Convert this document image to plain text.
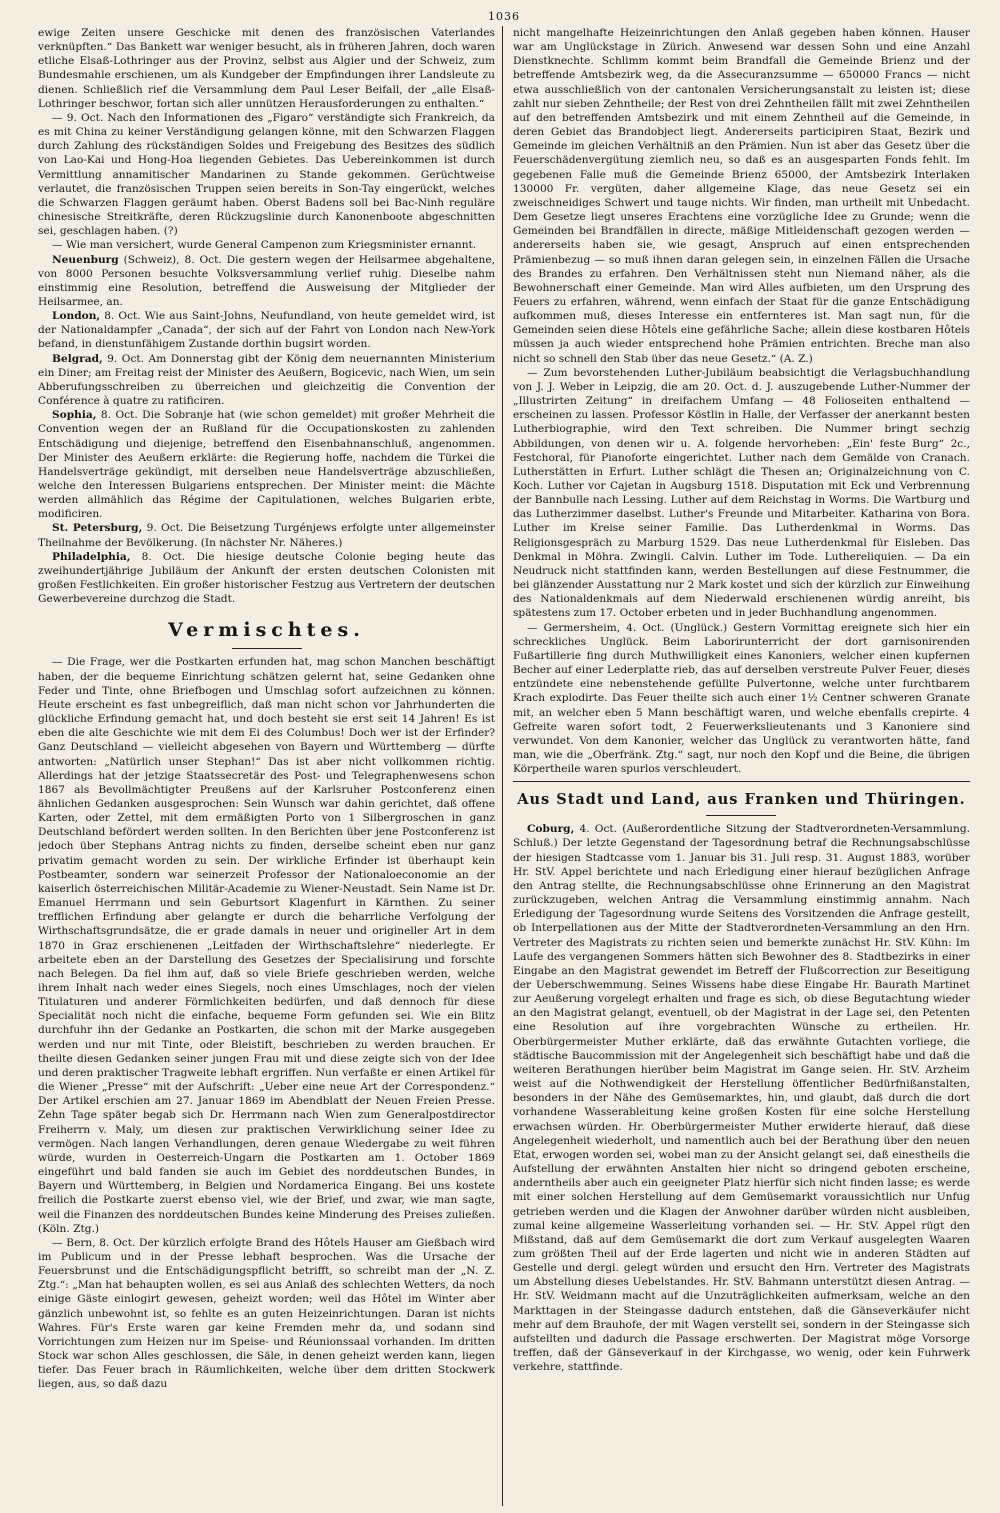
1036

ewige Zeiten unsere Geschicke mit denen des französischen Vaterlandes verknüpften.“ Das Bankett war weniger besucht, als in früheren Jahren, doch waren etliche Elsaß-Lothringer aus der Provinz, selbst aus Algier und der Schweiz, zum Bundesmahle erschienen, um als Kundgeber der Empfindungen ihrer Landsleute zu dienen. Schließlich rief die Versammlung dem Paul Leser Beifall, der „alle Elsaß-Lothringer beschwor, fortan sich aller unnützen Herausforderungen zu enthalten.“

— 9. Oct. Nach den Informationen des „Figaro“ verständigte sich Frankreich, da es mit China zu keiner Verständigung gelangen könne, mit den Schwarzen Flaggen durch Zahlung des rückständigen Soldes und Freigebung des Besitzes des südlich von Lao-Kai und Hong-Hoa liegenden Gebietes. Das Uebereinkommen ist durch Vermittlung annamitischer Mandarinen zu Stande gekommen. Gerüchtweise verlautet, die französischen Truppen seien bereits in Son-Tay eingerückt, welches die Schwarzen Flaggen geräumt haben. Oberst Badens soll bei Bac-Ninh reguläre chinesische Streitkräfte, deren Rückzugslinie durch Kanonenboote abgeschnitten sei, geschlagen haben. (?)

— Wie man versichert, wurde General Campenon zum Kriegsminister ernannt.

Neuenburg (Schweiz), 8. Oct. Die gestern wegen der Heilsarmee abgehaltene, von 8000 Personen besuchte Volksversammlung verlief ruhig. Dieselbe nahm einstimmig eine Resolution, betreffend die Ausweisung der Mitglieder der Heilsarmee, an.

London, 8. Oct. Wie aus Saint-Johns, Neufundland, von heute gemeldet wird, ist der Nationaldampfer „Canada“, der sich auf der Fahrt von London nach New-York befand, in dienstunfähigem Zustande dorthin bugsirt worden.

Belgrad, 9. Oct. Am Donnerstag gibt der König dem neuernannten Ministerium ein Diner; am Freitag reist der Minister des Aeußern, Bogicevic, nach Wien, um sein Abberufungsschreiben zu überreichen und gleichzeitig die Convention der Conférence à quatre zu ratificiren.

Sophia, 8. Oct. Die Sobranje hat (wie schon gemeldet) mit großer Mehrheit die Convention wegen der an Rußland für die Occupationskosten zu zahlenden Entschädigung und diejenige, betreffend den Eisenbahnanschluß, angenommen. Der Minister des Aeußern erklärte: die Regierung hoffe, nachdem die Türkei die Handelsverträge gekündigt, mit derselben neue Handelsverträge abzuschließen, welche den Interessen Bulgariens entsprechen. Der Minister meint: die Mächte werden allmählich das Régime der Capitulationen, welches Bulgarien erbte, modificiren.

St. Petersburg, 9. Oct. Die Beisetzung Turgénjews erfolgte unter allgemeinster Theilnahme der Bevölkerung. (In nächster Nr. Näheres.)

Philadelphia, 8. Oct. Die hiesige deutsche Colonie beging heute das zweihundertjährige Jubiläum der Ankunft der ersten deutschen Colonisten mit großen Festlichkeiten. Ein großer historischer Festzug aus Vertretern der deutschen Gewerbevereine durchzog die Stadt.

Vermischtes.

— Die Frage, wer die Postkarten erfunden hat, mag schon Manchen beschäftigt haben, der die bequeme Einrichtung schätzen gelernt hat, seine Gedanken ohne Feder und Tinte, ohne Briefbogen und Umschlag sofort aufzeichnen zu können. Heute erscheint es fast unbegreiflich, daß man nicht schon vor Jahrhunderten die glückliche Erfindung gemacht hat, und doch besteht sie erst seit 14 Jahren! Es ist eben die alte Geschichte wie mit dem Ei des Columbus! Doch wer ist der Erfinder? Ganz Deutschland — vielleicht abgesehen von Bayern und Württemberg — dürfte antworten: „Natürlich unser Stephan!“ Das ist aber nicht vollkommen richtig. Allerdings hat der jetzige Staatssecretär des Post- und Telegraphenwesens schon 1867 als Bevollmächtigter Preußens auf der Karlsruher Postconferenz einen ähnlichen Gedanken ausgesprochen: Sein Wunsch war dahin gerichtet, daß offene Karten, oder Zettel, mit dem ermäßigten Porto von 1 Silbergroschen in ganz Deutschland befördert werden sollten. In den Berichten über jene Postconferenz ist jedoch über Stephans Antrag nichts zu finden, derselbe scheint eben nur ganz privatim gemacht worden zu sein. Der wirkliche Erfinder ist überhaupt kein Postbeamter, sondern war seinerzeit Professor der Nationaloeconomie an der kaiserlich österreichischen Militär-Academie zu Wiener-Neustadt. Sein Name ist Dr. Emanuel Herrmann und sein Geburtsort Klagenfurt in Kärnthen. Zu seiner trefflichen Erfindung aber gelangte er durch die beharrliche Verfolgung der Wirthschaftsgrundsätze, die er grade damals in neuer und origineller Art in dem 1870 in Graz erschienenen „Leitfaden der Wirthschaftslehre“ niederlegte. Er arbeitete eben an der Darstellung des Gesetzes der Specialisirung und forschte nach Belegen. Da fiel ihm auf, daß so viele Briefe geschrieben werden, welche ihrem Inhalt nach weder eines Siegels, noch eines Umschlages, noch der vielen Titulaturen und anderer Förmlichkeiten bedürfen, und daß dennoch für diese Specialität noch nicht die einfache, bequeme Form gefunden sei. Wie ein Blitz durchfuhr ihn der Gedanke an Postkarten, die schon mit der Marke ausgegeben werden und nur mit Tinte, oder Bleistift, beschrieben zu werden brauchen. Er theilte diesen Gedanken seiner jungen Frau mit und diese zeigte sich von der Idee und deren praktischer Tragweite lebhaft ergriffen. Nun verfaßte er einen Artikel für die Wiener „Presse“ mit der Aufschrift: „Ueber eine neue Art der Correspondenz.“ Der Artikel erschien am 27. Januar 1869 im Abendblatt der Neuen Freien Presse. Zehn Tage später begab sich Dr. Herrmann nach Wien zum Generalpostdirector Freiherrn v. Maly, um diesen zur praktischen Verwirklichung seiner Idee zu vermögen. Nach langen Verhandlungen, deren genaue Wiedergabe zu weit führen würde, wurden in Oesterreich-Ungarn die Postkarten am 1. October 1869 eingeführt und bald fanden sie auch im Gebiet des norddeutschen Bundes, in Bayern und Württemberg, in Belgien und Nordamerica Eingang. Bei uns kostete freilich die Postkarte zuerst ebenso viel, wie der Brief, und zwar, wie man sagte, weil die Finanzen des norddeutschen Bundes keine Minderung des Preises zuließen. (Köln. Ztg.)

— Bern, 8. Oct. Der kürzlich erfolgte Brand des Hôtels Hauser am Gießbach wird im Publicum und in der Presse lebhaft besprochen. Was die Ursache der Feuersbrunst und die Entschädigungspflicht betrifft, so schreibt man der „N. Z. Ztg.“: „Man hat behaupten wollen, es sei aus Anlaß des schlechten Wetters, da noch einige Gäste einlogirt gewesen, geheizt worden; weil das Hôtel im Winter aber gänzlich unbewohnt ist, so fehlte es an guten Heizeinrichtungen. Daran ist nichts Wahres. Für's Erste waren gar keine Fremden mehr da, und sodann sind Vorrichtungen zum Heizen nur im Speise- und Réunionssaal vorhanden. Im dritten Stock war schon Alles geschlossen, die Säle, in denen geheizt werden kann, liegen tiefer. Das Feuer brach in Räumlichkeiten, welche über dem dritten Stockwerk liegen, aus, so daß dazu

nicht mangelhafte Heizeinrichtungen den Anlaß gegeben haben können. Hauser war am Unglückstage in Zürich. Anwesend war dessen Sohn und eine Anzahl Dienstknechte. Schlimm kommt beim Brandfall die Gemeinde Brienz und der betreffende Amtsbezirk weg, da die Assecuranzsumme — 650000 Francs — nicht etwa ausschließlich von der cantonalen Versicherungsanstalt zu leisten ist; diese zahlt nur sieben Zehntheile; der Rest von drei Zehntheilen fällt mit zwei Zehntheilen auf den betreffenden Amtsbezirk und mit einem Zehntheil auf die Gemeinde, in deren Gebiet das Brandobject liegt. Andererseits participiren Staat, Bezirk und Gemeinde im gleichen Verhältniß an den Prämien. Nun ist aber das Gesetz über die Feuerschädenvergütung ziemlich neu, so daß es an ausgesparten Fonds fehlt. Im gegebenen Falle muß die Gemeinde Brienz 65000, der Amtsbezirk Interlaken 130000 Fr. vergüten, daher allgemeine Klage, das neue Gesetz sei ein zweischneidiges Schwert und tauge nichts. Wir finden, man urtheilt mit Unbedacht. Dem Gesetze liegt unseres Erachtens eine vorzügliche Idee zu Grunde; wenn die Gemeinden bei Brandfällen in directe, mäßige Mitleidenschaft gezogen werden — andererseits haben sie, wie gesagt, Anspruch auf einen entsprechenden Prämienbezug — so muß ihnen daran gelegen sein, in einzelnen Fällen die Ursache des Brandes zu erfahren. Den Verhältnissen steht nun Niemand näher, als die Bewohnerschaft einer Gemeinde. Man wird Alles aufbieten, um den Ursprung des Feuers zu erfahren, während, wenn einfach der Staat für die ganze Entschädigung aufkommen muß, dieses Interesse ein entfernteres ist. Man sagt nun, für die Gemeinden seien diese Hôtels eine gefährliche Sache; allein diese kostbaren Hôtels müssen ja auch wieder entsprechend hohe Prämien entrichten. Breche man also nicht so schnell den Stab über das neue Gesetz.“ (A. Z.)

— Zum bevorstehenden Luther-Jubiläum beabsichtigt die Verlagsbuchhandlung von J. J. Weber in Leipzig, die am 20. Oct. d. J. auszugebende Luther-Nummer der „Illustrirten Zeitung“ in dreifachem Umfang — 48 Folioseiten enthaltend — erscheinen zu lassen. Professor Köstlin in Halle, der Verfasser der anerkannt besten Lutherbiographie, wird den Text schreiben. Die Nummer bringt sechzig Abbildungen, von denen wir u. A. folgende hervorheben: „Ein' feste Burg“ 2c., Festchoral, für Pianoforte eingerichtet. Luther nach dem Gemälde von Cranach. Lutherstätten in Erfurt. Luther schlägt die Thesen an; Originalzeichnung von C. Koch. Luther vor Cajetan in Augsburg 1518. Disputation mit Eck und Verbrennung der Bannbulle nach Lessing. Luther auf dem Reichstag in Worms. Die Wartburg und das Lutherzimmer daselbst. Luther's Freunde und Mitarbeiter. Katharina von Bora. Luther im Kreise seiner Familie. Das Lutherdenkmal in Worms. Das Religionsgespräch zu Marburg 1529. Das neue Lutherdenkmal für Eisleben. Das Denkmal in Möhra. Zwingli. Calvin. Luther im Tode. Luthereliquien. — Da ein Neudruck nicht stattfinden kann, werden Bestellungen auf diese Festnummer, die bei glänzender Ausstattung nur 2 Mark kostet und sich der kürzlich zur Einweihung des Nationaldenkmals auf dem Niederwald erschienenen würdig anreiht, bis spätestens zum 17. October erbeten und in jeder Buchhandlung angenommen.

— Germersheim, 4. Oct. (Unglück.) Gestern Vormittag ereignete sich hier ein schreckliches Unglück. Beim Laborirunterricht der dort garnisonirenden Fußartillerie fing durch Muthwilligkeit eines Kanoniers, welcher einen kupfernen Becher auf einer Lederplatte rieb, das auf derselben verstreute Pulver Feuer, dieses entzündete eine nebenstehende gefüllte Pulvertonne, welche unter furchtbarem Krach explodirte. Das Feuer theilte sich auch einer 1½ Centner schweren Granate mit, an welcher eben 5 Mann beschäftigt waren, und welche ebenfalls crepirte. 4 Gefreite waren sofort todt, 2 Feuerwerkslieutenants und 3 Kanoniere sind verwundet. Von dem Kanonier, welcher das Unglück zu verantworten hätte, fand man, wie die „Oberfränk. Ztg.“ sagt, nur noch den Kopf und die Beine, die übrigen Körpertheile waren spurlos verschleudert.

Aus Stadt und Land, aus Franken und Thüringen.

Coburg, 4. Oct. (Außerordentliche Sitzung der Stadtverordneten-Versammlung. Schluß.) Der letzte Gegenstand der Tagesordnung betraf die Rechnungsabschlüsse der hiesigen Stadtcasse vom 1. Januar bis 31. Juli resp. 31. August 1883, worüber Hr. StV. Appel berichtete und nach Erledigung einer hierauf bezüglichen Anfrage den Antrag stellte, die Rechnungsabschlüsse ohne Erinnerung an den Magistrat zurückzugeben, welchen Antrag die Versammlung einstimmig annahm. Nach Erledigung der Tagesordnung wurde Seitens des Vorsitzenden die Anfrage gestellt, ob Interpellationen aus der Mitte der Stadtverordneten-Versammlung an den Hrn. Vertreter des Magistrats zu richten seien und bemerkte zunächst Hr. StV. Kühn: Im Laufe des vergangenen Sommers hätten sich Bewohner des 8. Stadtbezirks in einer Eingabe an den Magistrat gewendet im Betreff der Flußcorrection zur Beseitigung der Ueberschwemmung. Seines Wissens habe diese Eingabe Hr. Baurath Martinet zur Aeußerung vorgelegt erhalten und frage es sich, ob diese Begutachtung wieder an den Magistrat gelangt, eventuell, ob der Magistrat in der Lage sei, den Petenten eine Resolution auf ihre vorgebrachten Wünsche zu ertheilen. Hr. Oberbürgermeister Muther erklärte, daß das erwähnte Gutachten vorliege, die städtische Baucommission mit der Angelegenheit sich beschäftigt habe und daß die weiteren Berathungen hierüber beim Magistrat im Gange seien. Hr. StV. Arzheim weist auf die Nothwendigkeit der Herstellung öffentlicher Bedürfnißanstalten, besonders in der Nähe des Gemüsemarktes, hin, und glaubt, daß durch die dort vorhandene Wasserableitung keine großen Kosten für eine solche Herstellung erwachsen würden. Hr. Oberbürgermeister Muther erwiderte hierauf, daß diese Angelegenheit wiederholt, und namentlich auch bei der Berathung über den neuen Etat, erwogen worden sei, wobei man zu der Ansicht gelangt sei, daß einestheils die Aufstellung der erwähnten Anstalten hier nicht so dringend geboten erscheine, anderntheils aber auch ein geeigneter Platz hierfür sich nicht finden lasse; es werde mit einer solchen Herstellung auf dem Gemüsemarkt voraussichtlich nur Unfug getrieben werden und die Klagen der Anwohner darüber würden nicht ausbleiben, zumal keine allgemeine Wasserleitung vorhanden sei. — Hr. StV. Appel rügt den Mißstand, daß auf dem Gemüsemarkt die dort zum Verkauf ausgelegten Waaren zum größten Theil auf der Erde lagerten und nicht wie in anderen Städten auf Gestelle und dergl. gelegt würden und ersucht den Hrn. Vertreter des Magistrats um Abstellung dieses Uebelstandes. Hr. StV. Bahmann unterstützt diesen Antrag. — Hr. StV. Weidmann macht auf die Unzuträglichkeiten aufmerksam, welche an den Markttagen in der Steingasse dadurch entstehen, daß die Gänseverkäufer nicht mehr auf dem Brauhofe, der mit Wagen verstellt sei, sondern in der Steingasse sich aufstellten und dadurch die Passage erschwerten. Der Magistrat möge Vorsorge treffen, daß der Gänseverkauf in der Kirchgasse, wo wenig, oder kein Fuhrwerk verkehre, stattfinde.
